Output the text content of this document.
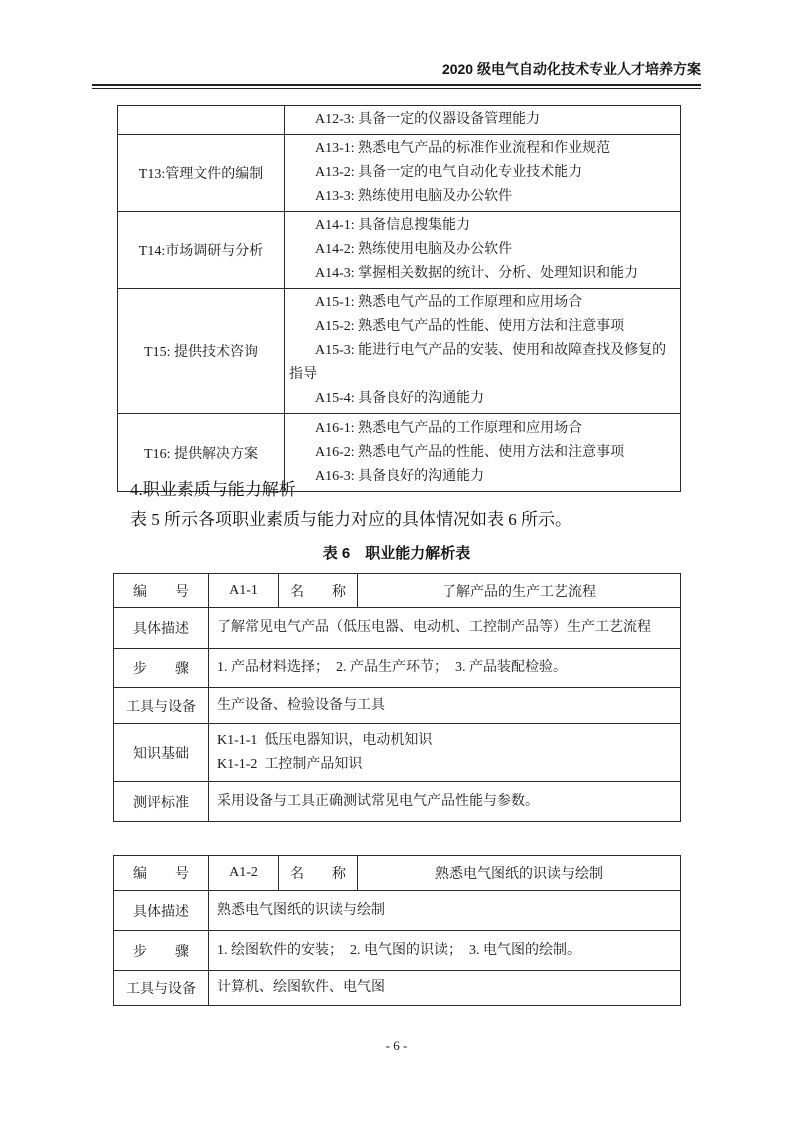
2020 级电气自动化技术专业人才培养方案

	A12-3: 具备一定的仪器设备管理能力

T13:管理文件的编制	A13-1: 熟悉电气产品的标准作业流程和作业规范
A13-2: 具备一定的电气自动化专业技术能力
A13-3: 熟练使用电脑及办公软件

T14:市场调研与分析	A14-1: 具备信息搜集能力
A14-2: 熟练使用电脑及办公软件
A14-3: 掌握相关数据的统计、分析、处理知识和能力

T15: 提供技术咨询	A15-1: 熟悉电气产品的工作原理和应用场合
A15-2: 熟悉电气产品的性能、使用方法和注意事项
A15-3: 能进行电气产品的安装、使用和故障查找及修复的指导
A15-4: 具备良好的沟通能力

T16: 提供解决方案	A16-1: 熟悉电气产品的工作原理和应用场合
A16-2: 熟悉电气产品的性能、使用方法和注意事项
A16-3: 具备良好的沟通能力
4.职业素质与能力解析
表 5 所示各项职业素质与能力对应的具体情况如表 6 所示。
表 6　职业能力解析表
编　　号	A1-1	名　　称	了解产品的生产工艺流程
具体描述	了解常见电气产品（低压电器、电动机、工控制产品等）生产工艺流程		

步　　骤	1. 产品材料选择；  2. 产品生产环节；  3. 产品装配检验。		

工具与设备	生产设备、检验设备与工具		

知识基础	K1-1-1  低压电器知识，电动机知识
K1-1-2  工控制产品知识		

测评标准	采用设备与工具正确测试常见电气产品性能与参数。		
编　　号	A1-2	名　　称	熟悉电气图纸的识读与绘制
具体描述	熟悉电气图纸的识读与绘制		

步　　骤	1. 绘图软件的安装；  2. 电气图的识读；  3. 电气图的绘制。		

工具与设备	计算机、绘图软件、电气图		
- 6 -
